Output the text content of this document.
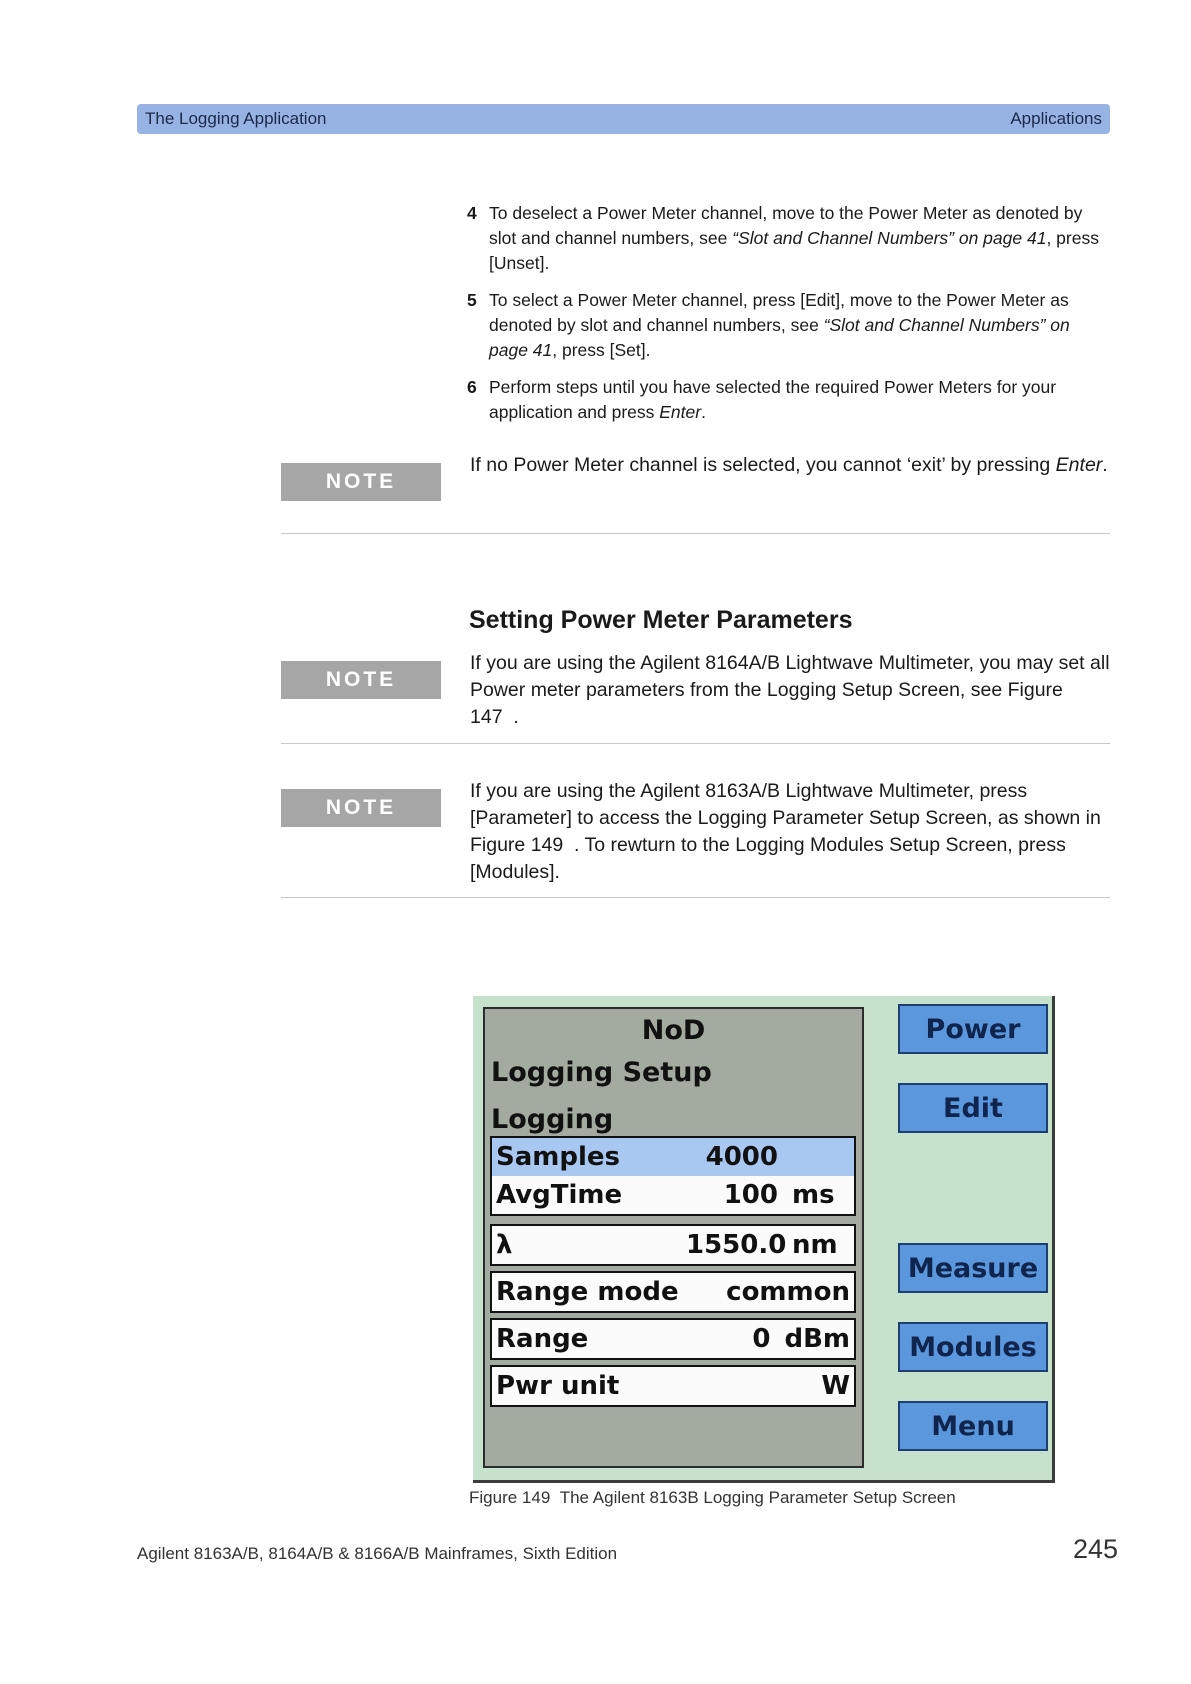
The Logging Application	Applications
4 To deselect a Power Meter channel, move to the Power Meter as denoted by slot and channel numbers, see “Slot and Channel Numbers” on page 41, press [Unset].
5 To select a Power Meter channel, press [Edit], move to the Power Meter as denoted by slot and channel numbers, see “Slot and Channel Numbers” on page 41, press [Set].
6 Perform steps until you have selected the required Power Meters for your application and press Enter.
NOTE
If no Power Meter channel is selected, you cannot ‘exit’ by pressing Enter.
Setting Power Meter Parameters
NOTE
If you are using the Agilent 8164A/B Lightwave Multimeter, you may set all Power meter parameters from the Logging Setup Screen, see Figure 147  .
NOTE
If you are using the Agilent 8163A/B Lightwave Multimeter, press [Parameter] to access the Logging Parameter Setup Screen, as shown in Figure 149  . To rewturn to the Logging Modules Setup Screen, press [Modules].
NoD
Logging Setup
Logging
Samples	4000
AvgTime	100 ms
λ	1550.0 nm
Range mode common
Range	0 dBm
Pwr unit	W
Power
Edit
Measure
Modules
Menu
Figure 149  The Agilent 8163B Logging Parameter Setup Screen
Agilent 8163A/B, 8164A/B & 8166A/B Mainframes, Sixth Edition	245
